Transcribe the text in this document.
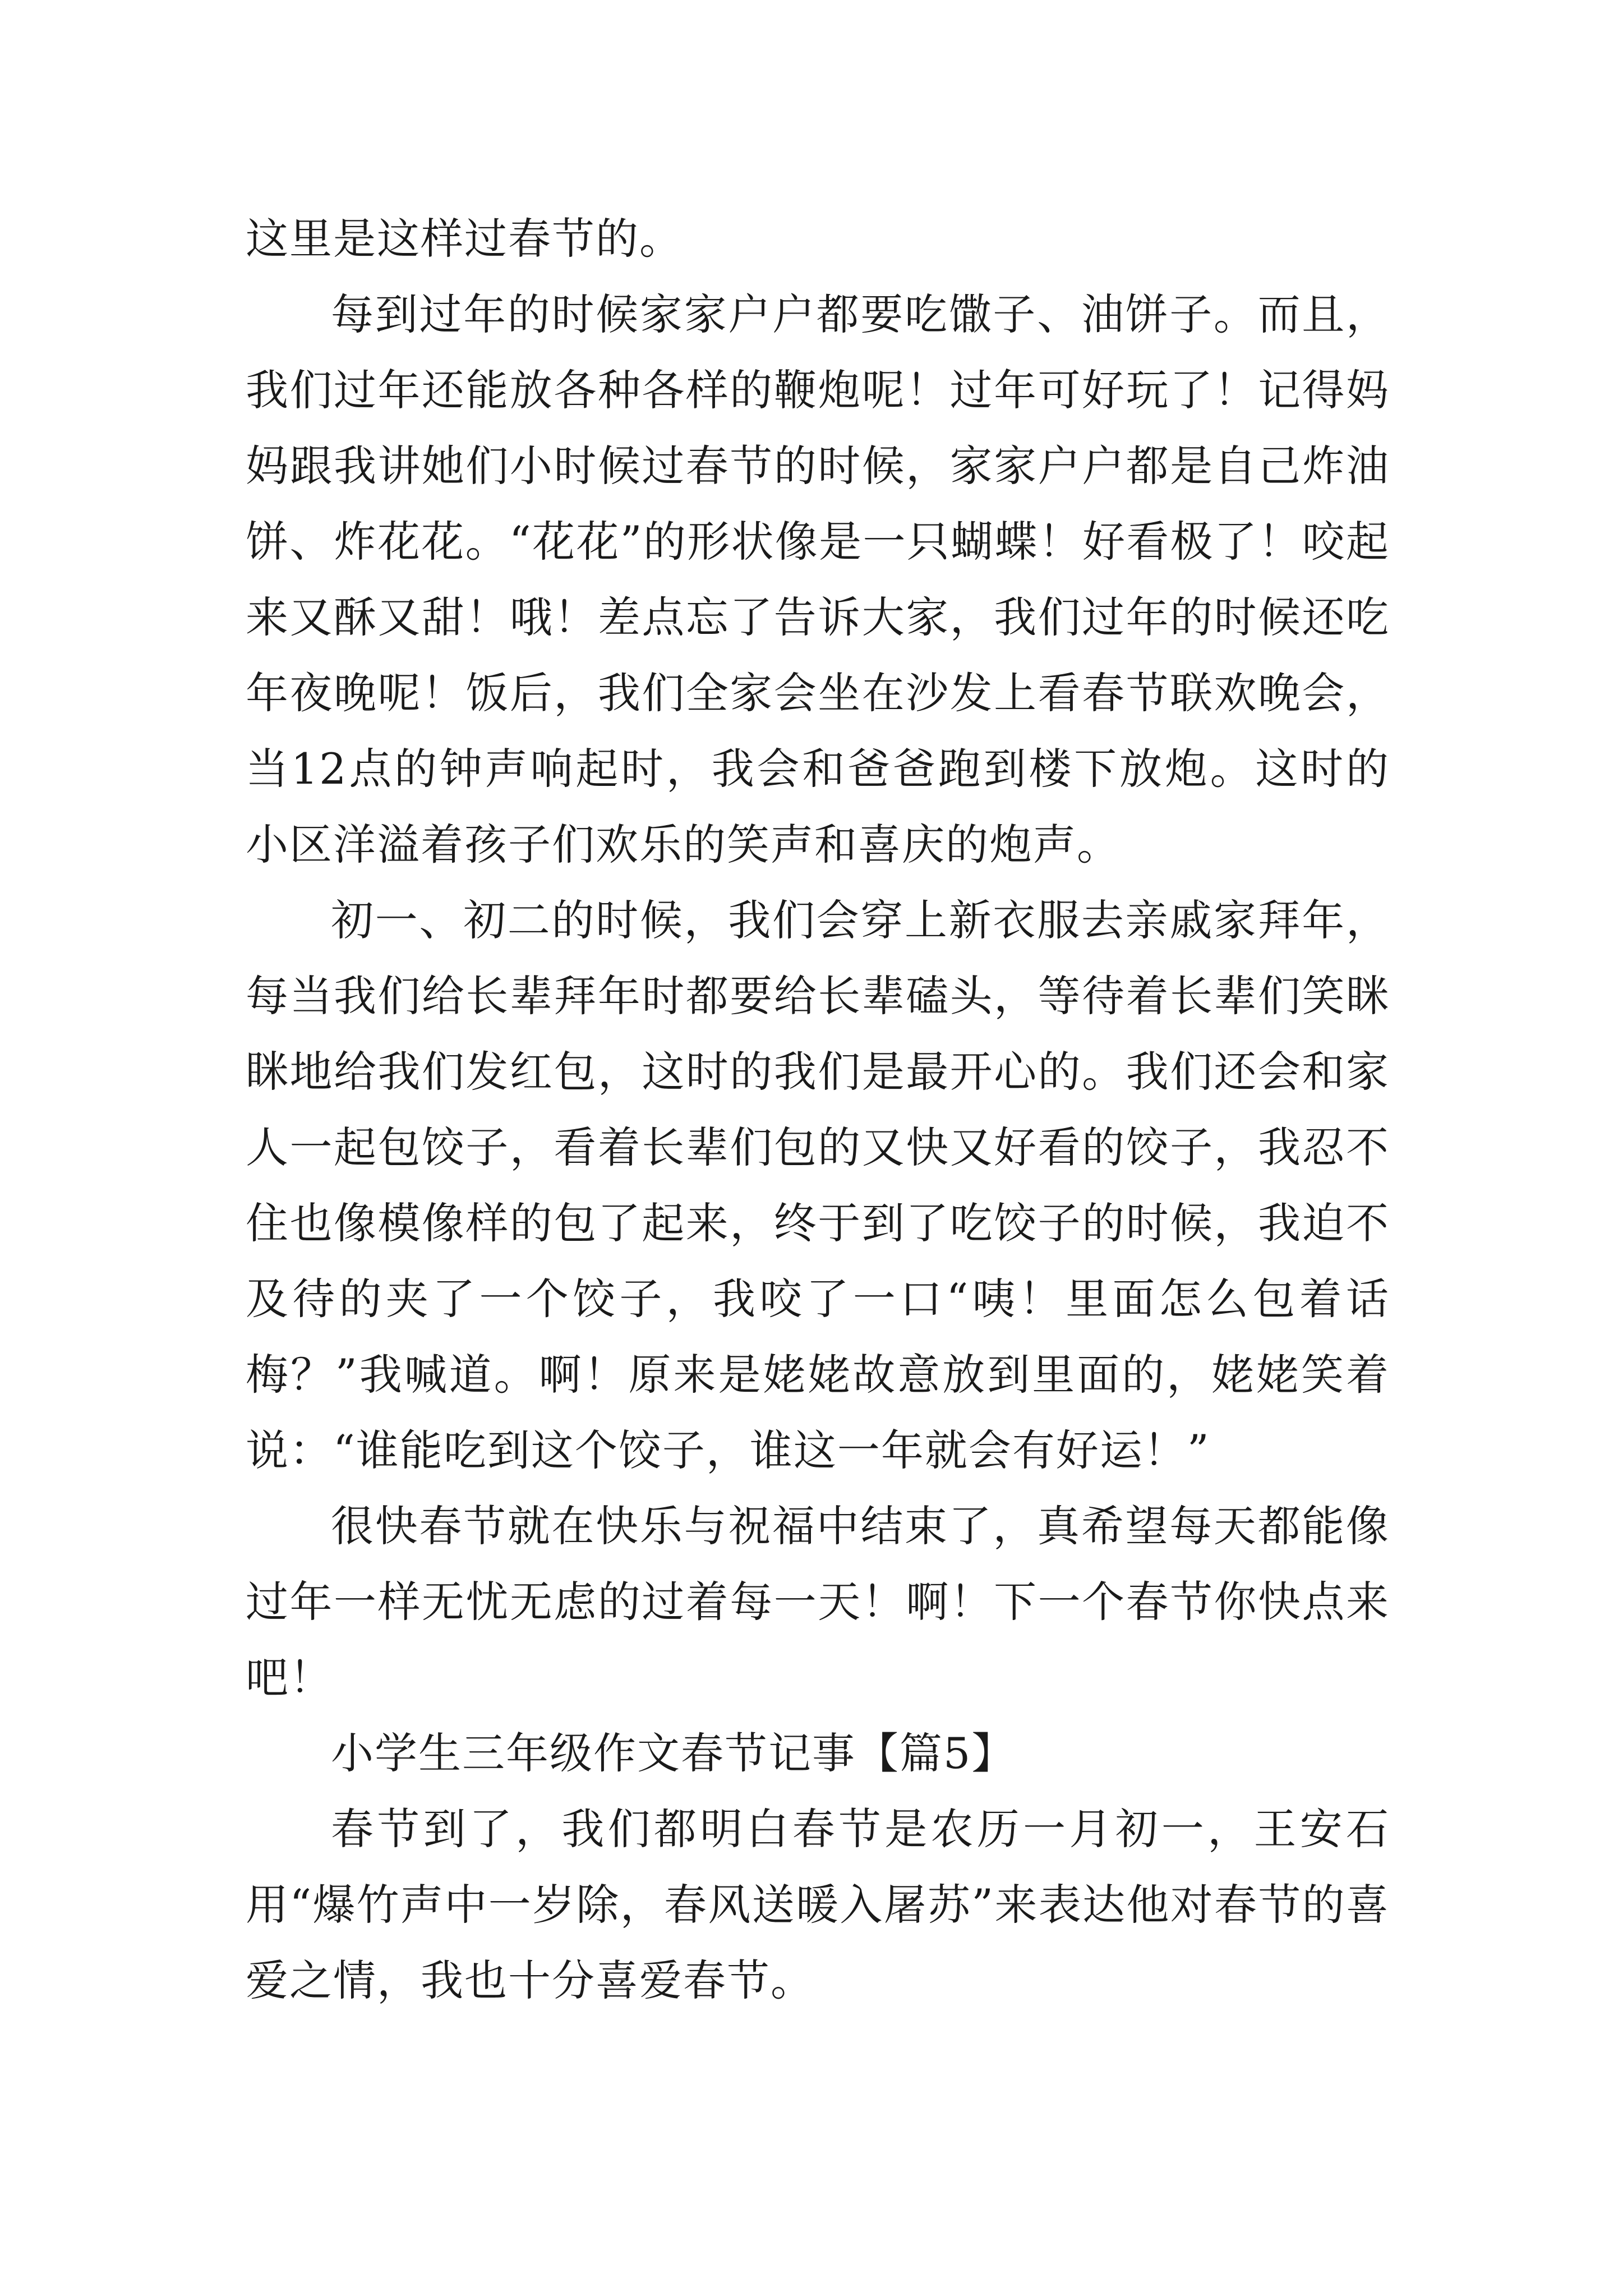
这里是这样过春节的。

每到过年的时候家家户户都要吃馓子、油饼子。而且，我们过年还能放各种各样的鞭炮呢！过年可好玩了！记得妈妈跟我讲她们小时候过春节的时候，家家户户都是自己炸油饼、炸花花。“花花”的形状像是一只蝴蝶！好看极了！咬起来又酥又甜！哦！差点忘了告诉大家，我们过年的时候还吃年夜晚呢！饭后，我们全家会坐在沙发上看春节联欢晚会，当12点的钟声响起时，我会和爸爸跑到楼下放炮。这时的小区洋溢着孩子们欢乐的笑声和喜庆的炮声。

初一、初二的时候，我们会穿上新衣服去亲戚家拜年，每当我们给长辈拜年时都要给长辈磕头，等待着长辈们笑眯眯地给我们发红包，这时的我们是最开心的。我们还会和家人一起包饺子，看着长辈们包的又快又好看的饺子，我忍不住也像模像样的包了起来，终于到了吃饺子的时候，我迫不及待的夹了一个饺子，我咬了一口“咦！里面怎么包着话梅？”我喊道。啊！原来是姥姥故意放到里面的，姥姥笑着说：“谁能吃到这个饺子，谁这一年就会有好运！”

很快春节就在快乐与祝福中结束了，真希望每天都能像过年一样无忧无虑的过着每一天！啊！下一个春节你快点来吧！

小学生三年级作文春节记事【篇5】

春节到了，我们都明白春节是农历一月初一，王安石用“爆竹声中一岁除，春风送暖入屠苏”来表达他对春节的喜爱之情，我也十分喜爱春节。
